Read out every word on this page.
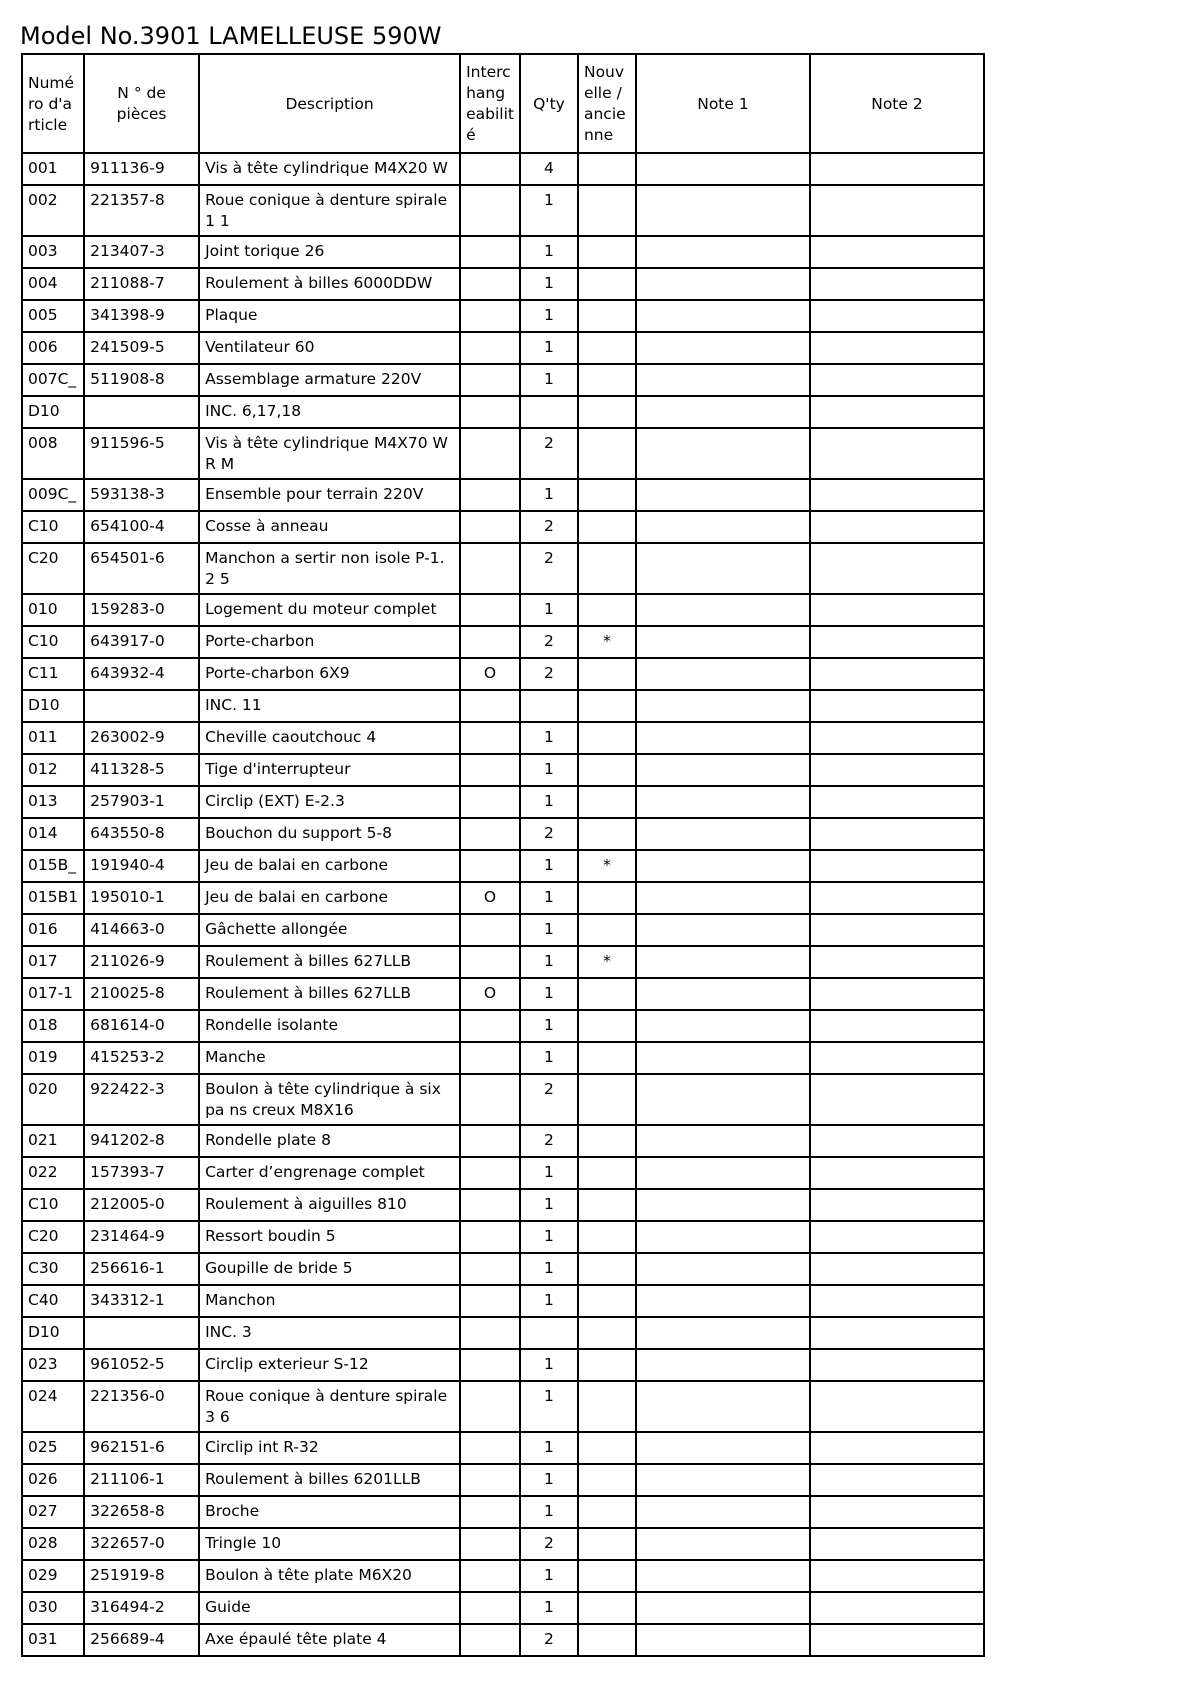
Model No.3901 LAMELLEUSE 590W
Numé ro d'a rticle	N ° de pièces	Description	Interc hang eabilit é	Q'ty	Nouv elle / ancie nne	Note 1	Note 2
001	911136-9	Vis à tête cylindrique M4X20 W		4			
002	221357-8	Roue conique à denture spirale 1 1		1			
003	213407-3	Joint torique 26		1			
004	211088-7	Roulement à billes 6000DDW		1			
005	341398-9	Plaque		1			
006	241509-5	Ventilateur 60		1			
007C_	511908-8	Assemblage armature 220V		1			
D10		INC. 6,17,18					
008	911596-5	Vis à tête cylindrique M4X70 WR M		2			
009C_	593138-3	Ensemble pour terrain 220V		1			
C10	654100-4	Cosse à anneau		2			
C20	654501-6	Manchon a sertir non isole P-1.2 5		2			
010	159283-0	Logement du moteur complet		1			
C10	643917-0	Porte-charbon		2	*		
C11	643932-4	Porte-charbon 6X9	O	2			
D10		INC. 11					
011	263002-9	Cheville caoutchouc 4		1			
012	411328-5	Tige d'interrupteur		1			
013	257903-1	Circlip (EXT) E-2.3		1			
014	643550-8	Bouchon du support 5-8		2			
015B_	191940-4	Jeu de balai en carbone		1	*		
015B1	195010-1	Jeu de balai en carbone	O	1			
016	414663-0	Gâchette allongée		1			
017	211026-9	Roulement à billes 627LLB		1	*		
017-1	210025-8	Roulement à billes 627LLB	O	1			
018	681614-0	Rondelle isolante		1			
019	415253-2	Manche		1			
020	922422-3	Boulon à tête cylindrique à six pa ns creux M8X16		2			
021	941202-8	Rondelle plate 8		2			
022	157393-7	Carter d’engrenage complet		1			
C10	212005-0	Roulement à aiguilles 810		1			
C20	231464-9	Ressort boudin 5		1			
C30	256616-1	Goupille de bride 5		1			
C40	343312-1	Manchon		1			
D10		INC. 3					
023	961052-5	Circlip exterieur S-12		1			
024	221356-0	Roue conique à denture spirale 3 6		1			
025	962151-6	Circlip int R-32		1			
026	211106-1	Roulement à billes 6201LLB		1			
027	322658-8	Broche		1			
028	322657-0	Tringle 10		2			
029	251919-8	Boulon à tête plate M6X20		1			
030	316494-2	Guide		1			
031	256689-4	Axe épaulé tête plate 4		2			
